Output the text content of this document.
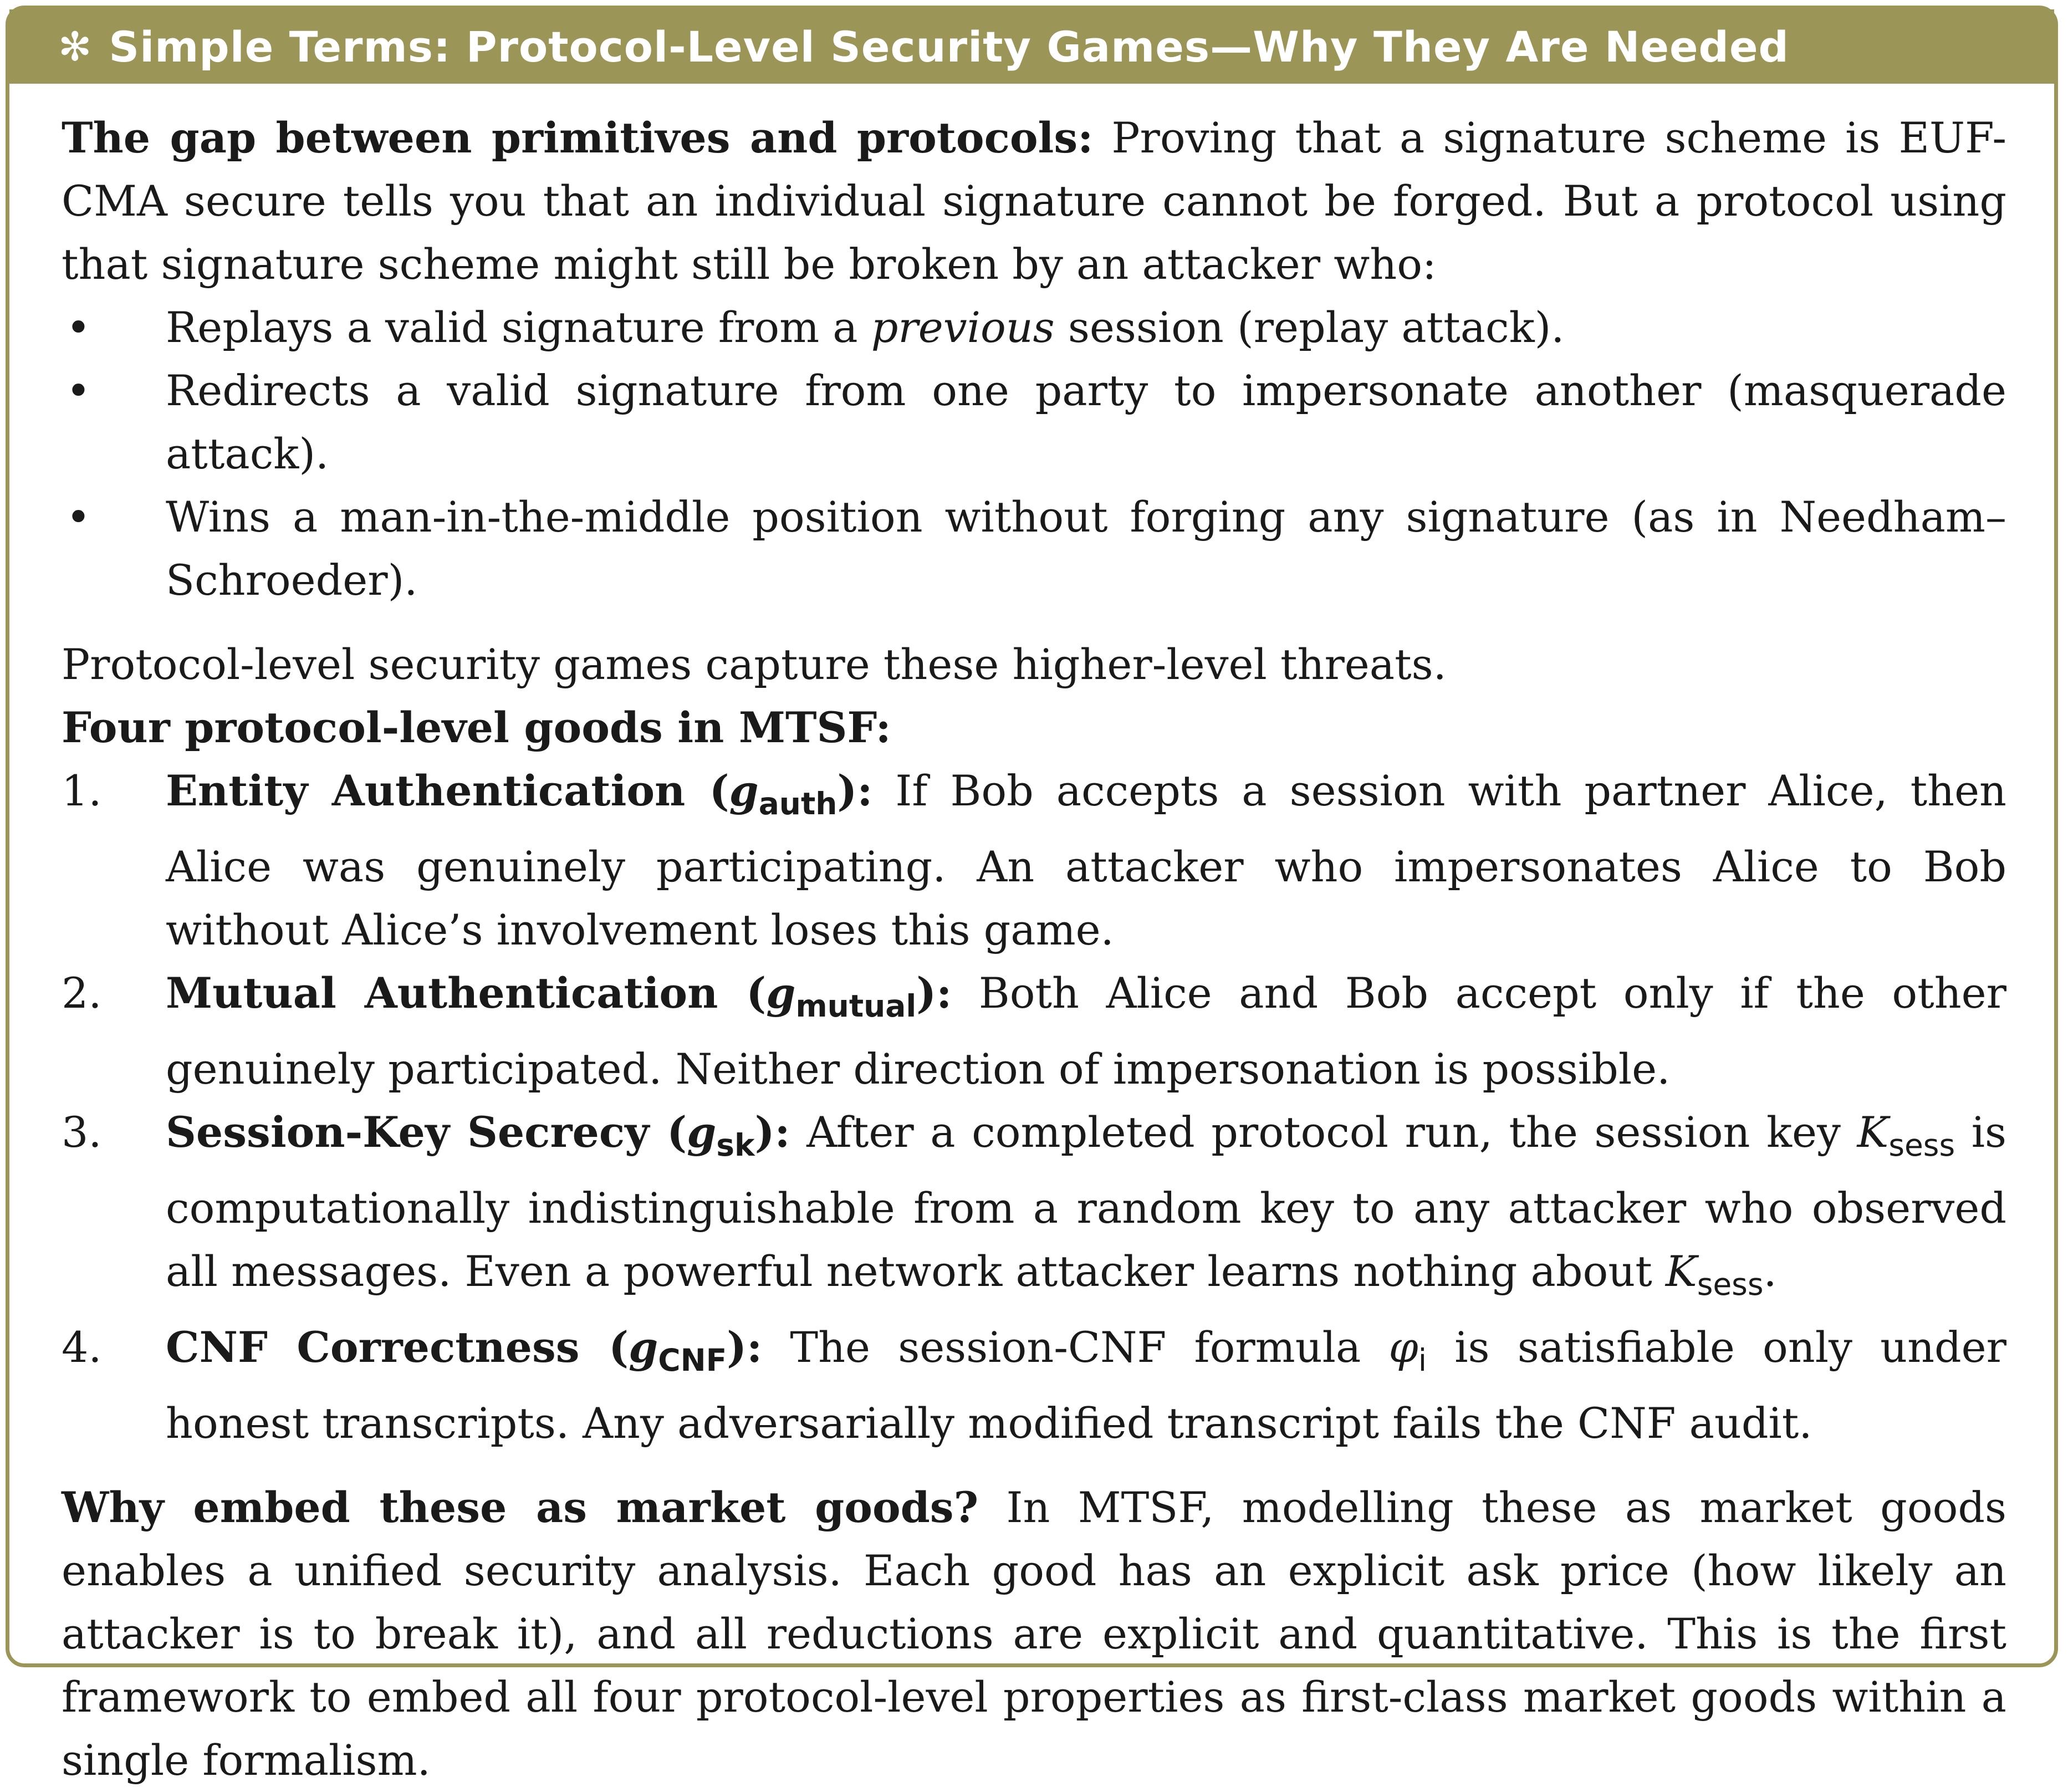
✻ Simple Terms: Protocol-Level Security Games—Why They Are Needed

The gap between primitives and protocols: Proving that a signature scheme is EUF-CMA secure tells you that an individual signature cannot be forged. But a protocol using that signature scheme might still be broken by an attacker who:

• Replays a valid signature from a previous session (replay attack).
• Redirects a valid signature from one party to impersonate another (masquerade attack).
• Wins a man-in-the-middle position without forging any signature (as in Needham–Schroeder).

Protocol-level security games capture these higher-level threats.

Four protocol-level goods in MTSF:

1. Entity Authentication $(g_{auth})$: If Bob accepts a session with partner Alice, then Alice was genuinely participating. An attacker who impersonates Alice to Bob without Alice’s involvement loses this game.
2. Mutual Authentication $(g_{mutual})$: Both Alice and Bob accept only if the other genuinely participated. Neither direction of impersonation is possible.
3. Session-Key Secrecy $(g_{sk})$: After a completed protocol run, the session key $K_{sess}$ is computationally indistinguishable from a random key to any attacker who observed all messages. Even a powerful network attacker learns nothing about $K_{sess}$.
4. CNF Correctness $(g_{CNF})$: The session-CNF formula $\varphi_i$ is satisfiable only under honest transcripts. Any adversarially modified transcript fails the CNF audit.

Why embed these as market goods? In MTSF, modelling these as market goods enables a unified security analysis. Each good has an explicit ask price (how likely an attacker is to break it), and all reductions are explicit and quantitative. This is the first framework to embed all four protocol-level properties as first-class market goods within a single formalism.
